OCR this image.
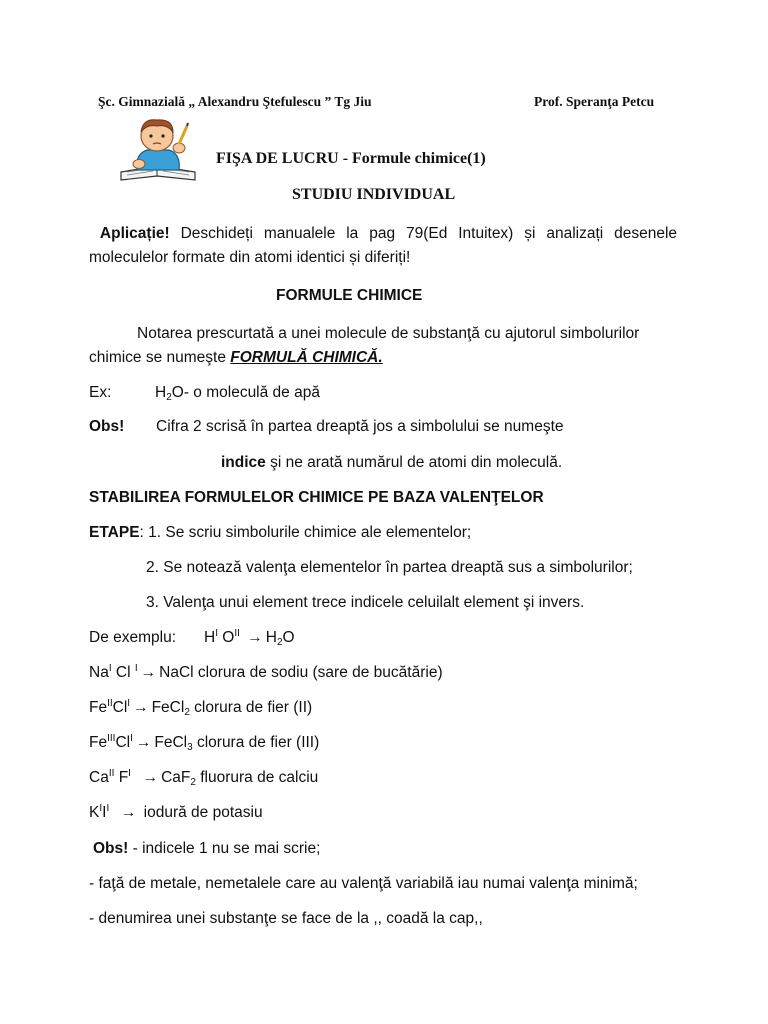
Şc. Gimnazială „ Alexandru Ştefulescu ” Tg Jiu	Prof. Speranţa Petcu
FIŞA DE LUCRU - Formule chimice(1)
STUDIU INDIVIDUAL
Aplicație! Deschideți manualele la pag 79(Ed Intuitex) și analizați desenele
moleculelor formate din atomi identici și diferiți!
FORMULE CHIMICE
Notarea prescurtată a unei molecule de substanţă cu ajutorul simbolurilor
chimice se numeşte FORMULĂ CHIMICĂ.
Ex:	$H_2O-$ o moleculă de apă
Obs! Cifra 2 scrisă în partea dreaptă jos a simbolului se numeşte
indice şi ne arată numărul de atomi din moleculă.
STABILIREA FORMULELOR CHIMICE PE BAZA VALENŢELOR
ETAPE: 1. Se scriu simbolurile chimice ale elementelor;
2. Se notează valenţa elementelor în partea dreaptă sus a simbolurilor;
3. Valenţa unui element trece indicele celuilalt element şi invers.
De exemplu: $H^I$ $O^{II} \to H_2O$
$Na^I$ Cl $^I$ → NaCl clorura de sodiu (sare de bucătărie)
$Fe^{II}Cl^I$ → FeCl$_2$ clorura de fier (II)
$Fe^{III}Cl^I$ → FeCl$_3$ clorura de fier (III)
$Ca^{II}$ $F^I \to CaF_2$ fluorura de calciu
$K^II^I$ → iodură de potasiu
Obs! - indicele 1 nu se mai scrie;
- faţă de metale, nemetalele care au valenţă variabilă iau numai valenţa minimă;
- denumirea unei substanţe se face de la ,, coadă la cap,,
